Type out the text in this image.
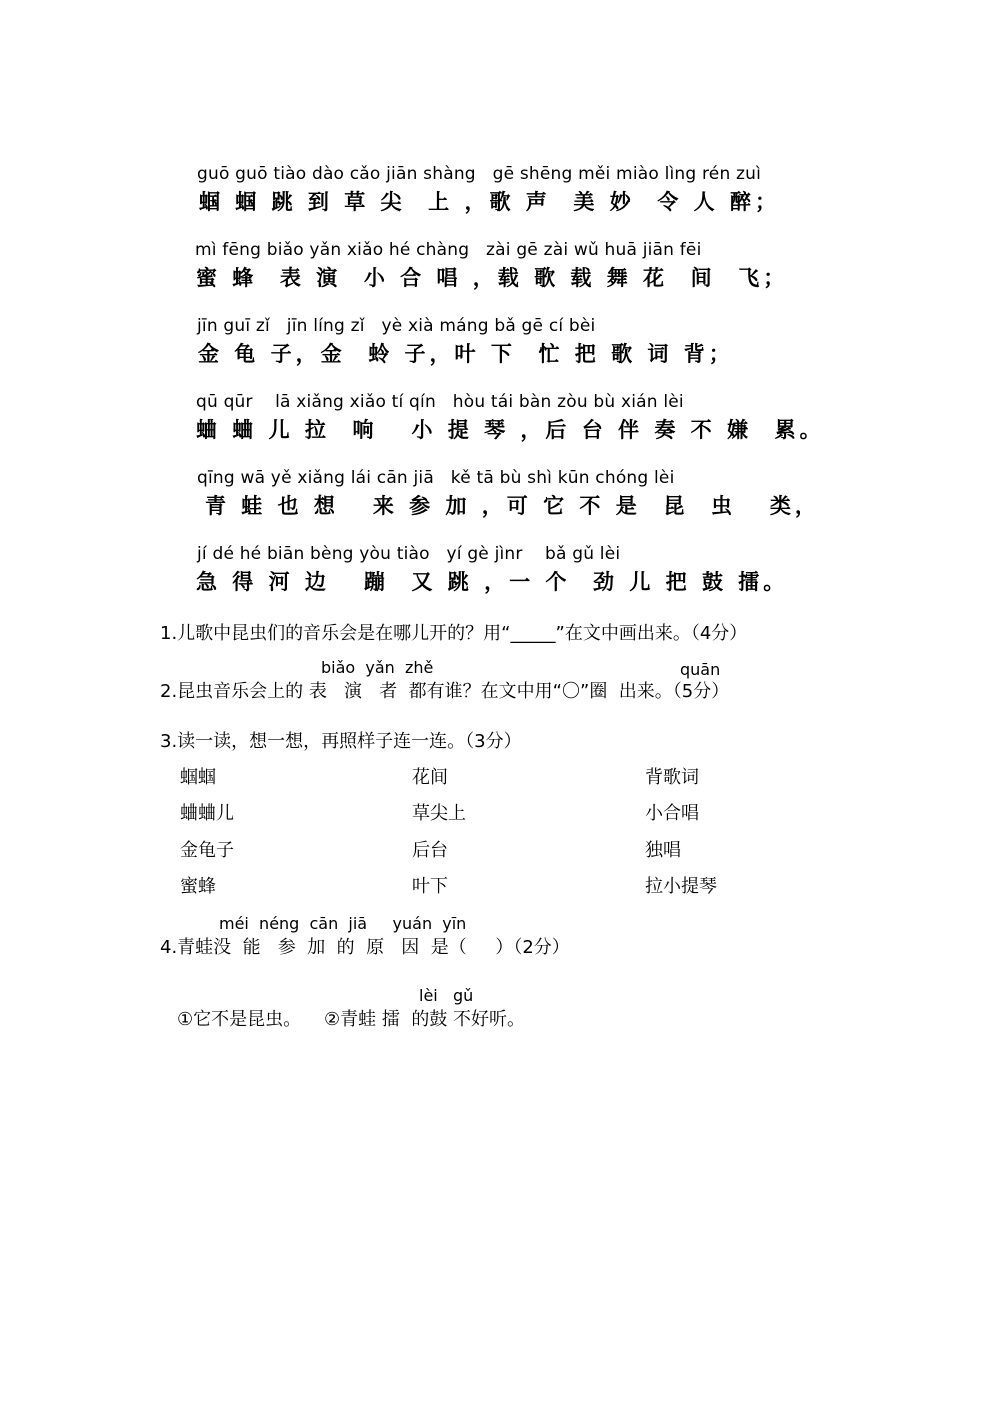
guō guō tiào dào cǎo jiān shàng   gē shēng měi miào lìng rén zuì
蝈 蝈 跳 到 草 尖  上 ，歌 声  美 妙  令 人 醉；
mì fēng biǎo yǎn xiǎo hé chàng   zài gē zài wǔ huā jiān fēi
蜜 蜂  表 演  小 合 唱 ，载 歌 载 舞 花  间  飞；
jīn guī zǐ   jīn líng zǐ   yè xià máng bǎ gē cí bèi
金 龟 子，金  蛉 子，叶 下  忙 把 歌 词 背；
qū qūr    lā xiǎng xiǎo tí qín   hòu tái bàn zòu bù xián lèi
蛐 蛐 儿 拉  响   小 提 琴 ，后 台 伴 奏 不 嫌  累。
qīng wā yě xiǎng lái cān jiā   kě tā bù shì kūn chóng lèi
青 蛙 也 想   来 参 加 ，可 它 不 是  昆  虫   类，
jí dé hé biān bèng yòu tiào   yí gè jìnr    bǎ gǔ lèi
急 得 河 边   蹦  又 跳 ，一 个  劲 儿 把 鼓 擂。
1.儿歌中昆虫们的音乐会是在哪儿开的？用“_____”在文中画出来。（4分）
biǎo  yǎn  zhě	quān
2.昆虫音乐会上的 表   演   者  都有谁？在文中用“〇”圈  出来。（5分）
3.读一读，想一想，再照样子连一连。（3分）
蝈蝈
蛐蛐儿
金龟子
蜜蜂
花间
草尖上
后台
叶下
背歌词
小合唱
独唱
拉小提琴
méi  néng  cān  jiā     yuán  yīn
4.青蛙没  能   参  加  的  原   因  是（     ）（2分）
lèi   gǔ
①它不是昆虫。    ②青蛙 擂  的鼓 不好听。
